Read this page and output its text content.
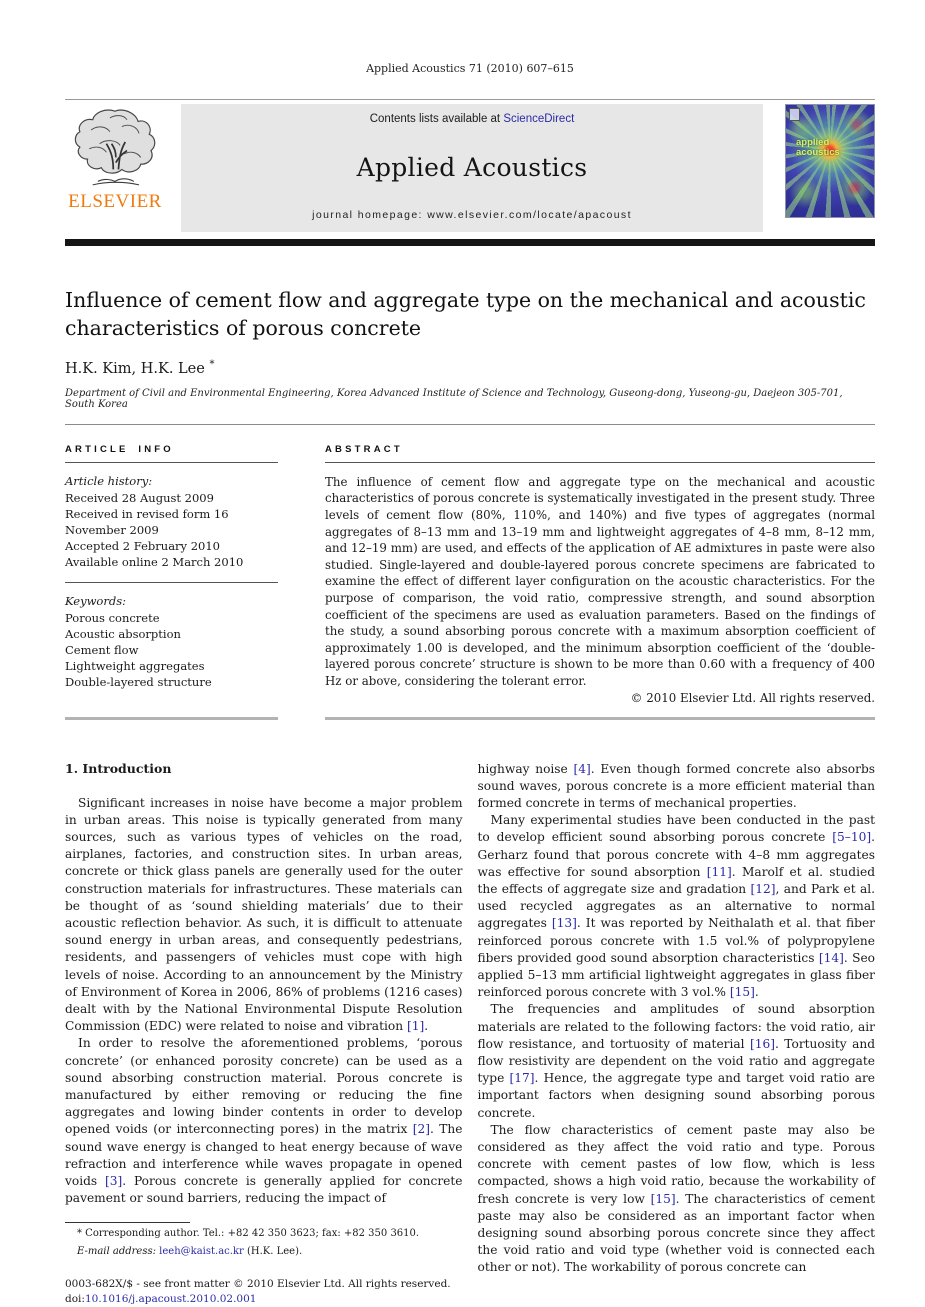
Applied Acoustics 71 (2010) 607–615
ELSEVIER
Contents lists available at ScienceDirect
Applied Acoustics
journal homepage: www.elsevier.com/locate/apacoust
applied
acoustics
Influence of cement flow and aggregate type on the mechanical and acoustic characteristics of porous concrete
H.K. Kim, H.K. Lee *
Department of Civil and Environmental Engineering, Korea Advanced Institute of Science and Technology, Guseong-dong, Yuseong-gu, Daejeon 305-701, South Korea
ARTICLE INFO
Article history:
Received 28 August 2009
Received in revised form 16 November 2009
Accepted 2 February 2010
Available online 2 March 2010
Keywords:
Porous concrete
Acoustic absorption
Cement flow
Lightweight aggregates
Double-layered structure
ABSTRACT
The influence of cement flow and aggregate type on the mechanical and acoustic characteristics of porous concrete is systematically investigated in the present study. Three levels of cement flow (80%, 110%, and 140%) and five types of aggregates (normal aggregates of 8–13 mm and 13–19 mm and lightweight aggregates of 4–8 mm, 8–12 mm, and 12–19 mm) are used, and effects of the application of AE admixtures in paste were also studied. Single-layered and double-layered porous concrete specimens are fabricated to examine the effect of different layer configuration on the acoustic characteristics. For the purpose of comparison, the void ratio, compressive strength, and sound absorption coefficient of the specimens are used as evaluation parameters. Based on the findings of the study, a sound absorbing porous concrete with a maximum absorption coefficient of approximately 1.00 is developed, and the minimum absorption coefficient of the ‘double-layered porous concrete’ structure is shown to be more than 0.60 with a frequency of 400 Hz or above, considering the tolerant error.
© 2010 Elsevier Ltd. All rights reserved.
1. Introduction

Significant increases in noise have become a major problem in urban areas. This noise is typically generated from many sources, such as various types of vehicles on the road, airplanes, factories, and construction sites. In urban areas, concrete or thick glass panels are generally used for the outer construction materials for infrastructures. These materials can be thought of as ‘sound shielding materials’ due to their acoustic reflection behavior. As such, it is difficult to attenuate sound energy in urban areas, and consequently pedestrians, residents, and passengers of vehicles must cope with high levels of noise. According to an announcement by the Ministry of Environment of Korea in 2006, 86% of problems (1216 cases) dealt with by the National Environmental Dispute Resolution Commission (EDC) were related to noise and vibration [1].

In order to resolve the aforementioned problems, ‘porous concrete’ (or enhanced porosity concrete) can be used as a sound absorbing construction material. Porous concrete is manufactured by either removing or reducing the fine aggregates and lowing binder contents in order to develop opened voids (or interconnecting pores) in the matrix [2]. The sound wave energy is changed to heat energy because of wave refraction and interference while waves propagate in opened voids [3]. Porous concrete is generally applied for concrete pavement or sound barriers, reducing the impact of

* Corresponding author. Tel.: +82 42 350 3623; fax: +82 350 3610.
E-mail address: leeh@kaist.ac.kr (H.K. Lee).
0003-682X/$ - see front matter © 2010 Elsevier Ltd. All rights reserved.
doi:10.1016/j.apacoust.2010.02.001

highway noise [4]. Even though formed concrete also absorbs sound waves, porous concrete is a more efficient material than formed concrete in terms of mechanical properties.

Many experimental studies have been conducted in the past to develop efficient sound absorbing porous concrete [5–10]. Gerharz found that porous concrete with 4–8 mm aggregates was effective for sound absorption [11]. Marolf et al. studied the effects of aggregate size and gradation [12], and Park et al. used recycled aggregates as an alternative to normal aggregates [13]. It was reported by Neithalath et al. that fiber reinforced porous concrete with 1.5 vol.% of polypropylene fibers provided good sound absorption characteristics [14]. Seo applied 5–13 mm artificial lightweight aggregates in glass fiber reinforced porous concrete with 3 vol.% [15].

The frequencies and amplitudes of sound absorption materials are related to the following factors: the void ratio, air flow resistance, and tortuosity of material [16]. Tortuosity and flow resistivity are dependent on the void ratio and aggregate type [17]. Hence, the aggregate type and target void ratio are important factors when designing sound absorbing porous concrete.

The flow characteristics of cement paste may also be considered as they affect the void ratio and type. Porous concrete with cement pastes of low flow, which is less compacted, shows a high void ratio, because the workability of fresh concrete is very low [15]. The characteristics of cement paste may also be considered as an important factor when designing sound absorbing porous concrete since they affect the void ratio and void type (whether void is connected each other or not). The workability of porous concrete can
